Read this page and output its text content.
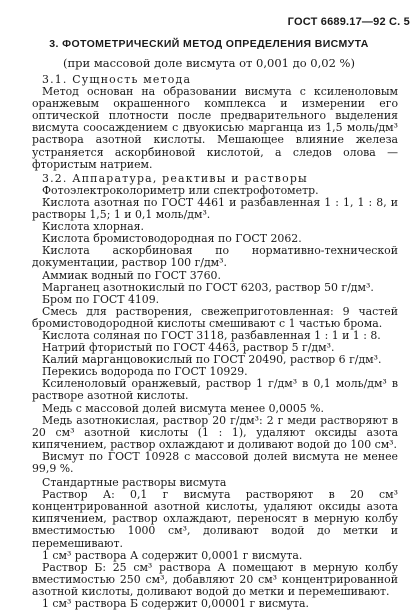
ГОСТ 6689.17—92 С. 5
3. ФОТОМЕТРИЧЕСКИЙ МЕТОД ОПРЕДЕЛЕНИЯ ВИСМУТА
(при массовой доле висмута от 0,001 до 0,02 %)

3.1. Сущность метода

Метод основан на образовании висмута с ксиленоловым оранжевым окрашенного комплекса и измерении его оптической плотности после предварительного выделения висмута соосаждением с двуокисью марганца из 1,5 моль/дм³ раствора азотной кислоты. Мешающее влияние железа устраняется аскорбиновой кислотой, а следов олова — фтористым натрием.

3.2. Аппаратура, реактивы и растворы

Фотоэлектроколориметр или спектрофотометр.

Кислота азотная по ГОСТ 4461 и разбавленная 1 : 1, 1 : 8, и растворы 1,5; 1 и 0,1 моль/дм³.

Кислота хлорная.

Кислота бромистоводородная по ГОСТ 2062.

Кислота аскорбиновая по нормативно-технической документации, раствор 100 г/дм³.

Аммиак водный по ГОСТ 3760.

Марганец азотнокислый по ГОСТ 6203, раствор 50 г/дм³.

Бром по ГОСТ 4109.

Смесь для растворения, свежеприготовленная: 9 частей бромистоводородной кислоты смешивают с 1 частью брома.

Кислота соляная по ГОСТ 3118, разбавленная 1 : 1 и 1 : 8.

Натрий фтористый по ГОСТ 4463, раствор 5 г/дм³.

Калий марганцовокислый по ГОСТ 20490, раствор 6 г/дм³.

Перекись водорода по ГОСТ 10929.

Ксиленоловый оранжевый, раствор 1 г/дм³ в 0,1 моль/дм³ в растворе азотной кислоты.

Медь с массовой долей висмута менее 0,0005 %.

Медь азотнокислая, раствор 20 г/дм³: 2 г меди растворяют в 20 см³ азотной кислоты (1 : 1), удаляют оксиды азота кипячением, раствор охлаждают и доливают водой до 100 см³.

Висмут по ГОСТ 10928 с массовой долей висмута не менее 99,9 %.

Стандартные растворы висмута

Раствор А: 0,1 г висмута растворяют в 20 см³ концентрированной азотной кислоты, удаляют оксиды азота кипячением, раствор охлаждают, переносят в мерную колбу вместимостью 1000 см³, доливают водой до метки и перемешивают.

1 см³ раствора А содержит 0,0001 г висмута.

Раствор Б: 25 см³ раствора А помещают в мерную колбу вместимостью 250 см³, добавляют 20 см³ концентрированной азотной кислоты, доливают водой до метки и перемешивают.

1 см³ раствора Б содержит 0,00001 г висмута.
